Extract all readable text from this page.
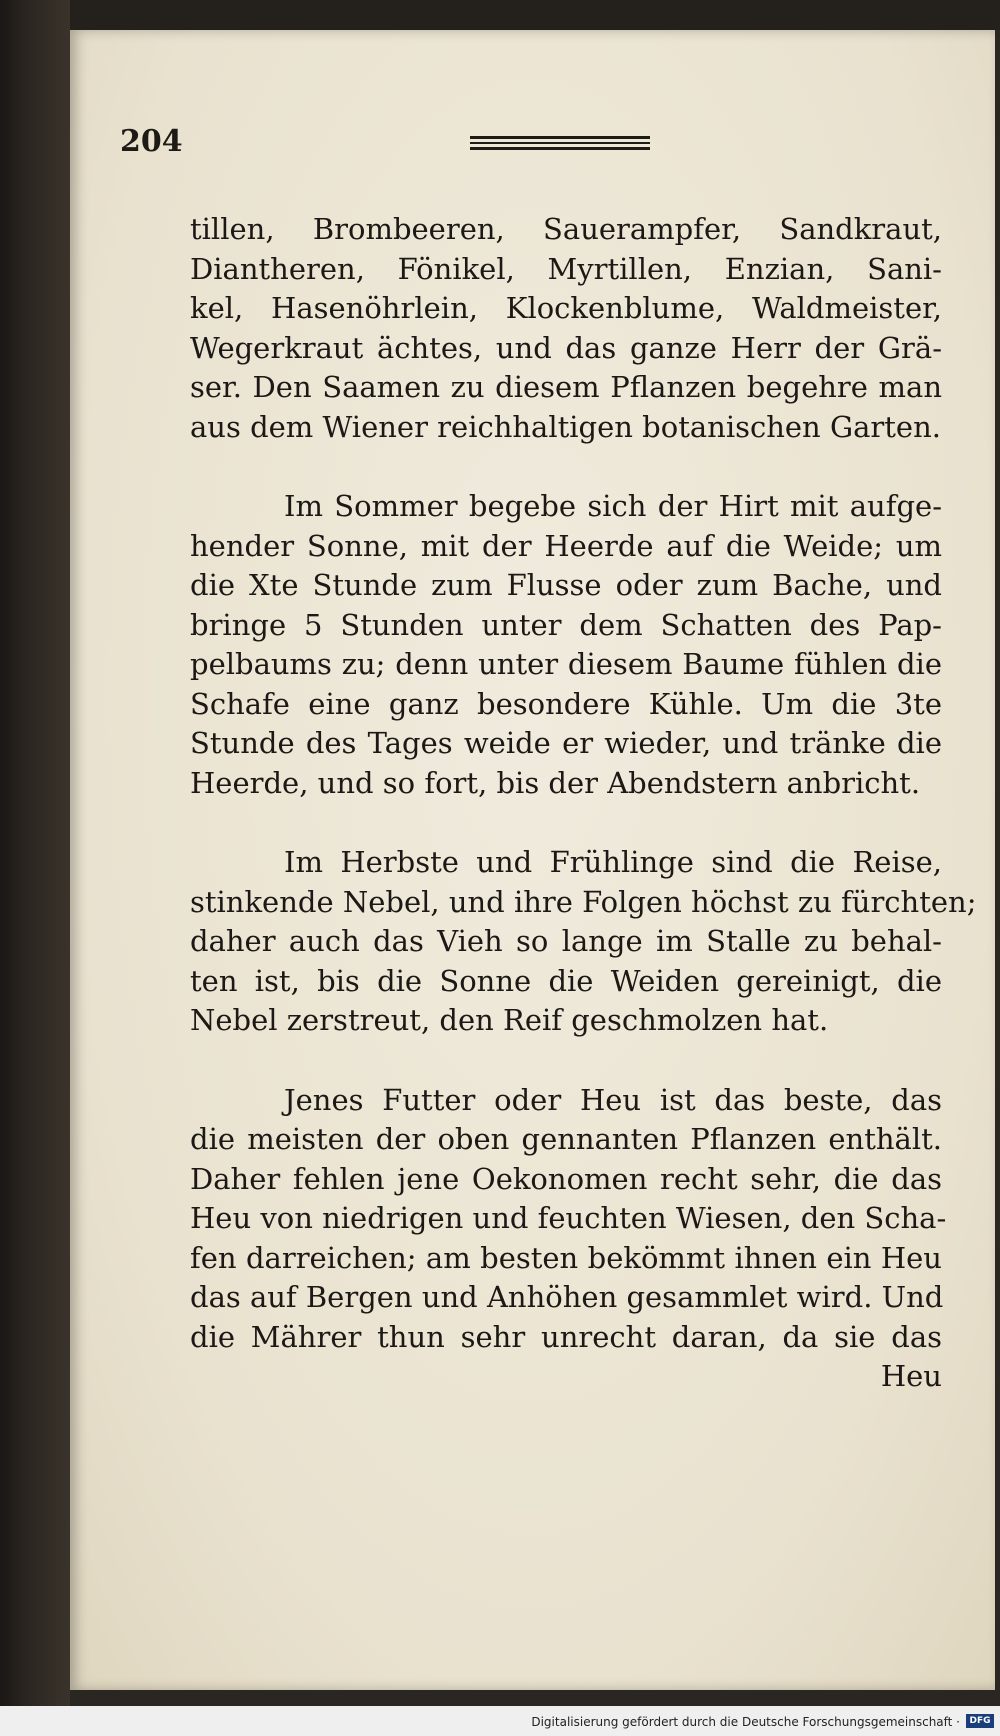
204
tillen, Brombeeren, Sauerampfer, Sandkraut,
Diantheren, Fönikel, Myrtillen, Enzian, Sani-
kel, Hasenöhrlein, Klockenblume, Waldmeister,
Wegerkraut ächtes, und das ganze Herr der Grä-
ser. Den Saamen zu diesem Pflanzen begehre man
aus dem Wiener reichhaltigen botanischen Garten.
Im Sommer begebe sich der Hirt mit aufge-
hender Sonne, mit der Heerde auf die Weide; um
die Xte Stunde zum Flusse oder zum Bache, und
bringe 5 Stunden unter dem Schatten des Pap-
pelbaums zu; denn unter diesem Baume fühlen die
Schafe eine ganz besondere Kühle. Um die 3te
Stunde des Tages weide er wieder, und tränke die
Heerde, und so fort, bis der Abendstern anbricht.
Im Herbste und Frühlinge sind die Reise,
stinkende Nebel, und ihre Folgen höchst zu fürchten;
daher auch das Vieh so lange im Stalle zu behal-
ten ist, bis die Sonne die Weiden gereinigt, die
Nebel zerstreut, den Reif geschmolzen hat.
Jenes Futter oder Heu ist das beste, das
die meisten der oben gennanten Pflanzen enthält.
Daher fehlen jene Oekonomen recht sehr, die das
Heu von niedrigen und feuchten Wiesen, den Scha-
fen darreichen; am besten bekömmt ihnen ein Heu
das auf Bergen und Anhöhen gesammlet wird. Und
die Mährer thun sehr unrecht daran, da sie das
Heu
Digitalisierung gefördert durch die Deutsche Forschungsgemeinschaft ·	DFG
